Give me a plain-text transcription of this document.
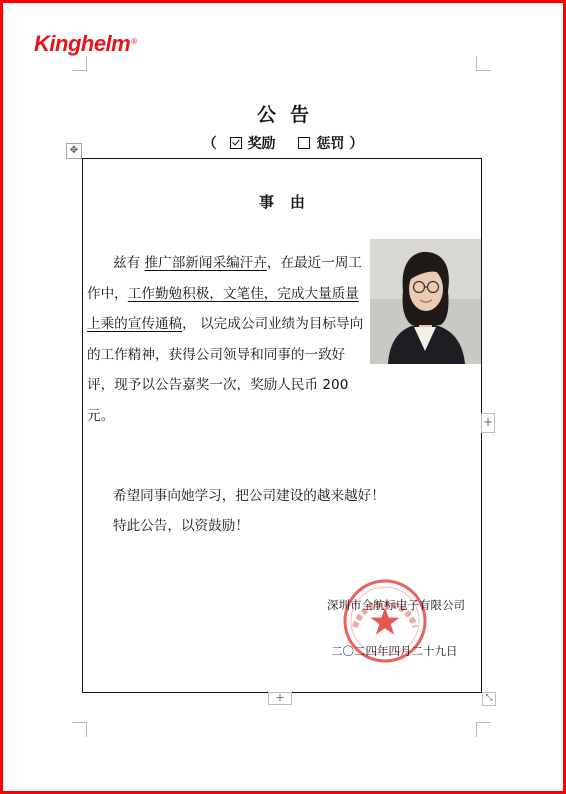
Kinghelm®
公告
（ 奖励	惩罚 ）
✥
事由
兹有 推广部新闻采编汗卉，在最近一周工作中，工作勤勉积极，文笔佳，完成大量质量上乘的宣传通稿， 以完成公司业绩为目标导向的工作精神，获得公司领导和同事的一致好评，现予以公告嘉奖一次，奖励人民币 200元。
希望同事向她学习，把公司建设的越来越好！
特此公告，以资鼓励！
深圳市全航标电子有限公司
二〇二四年四月二十九日
+
+	⤡
